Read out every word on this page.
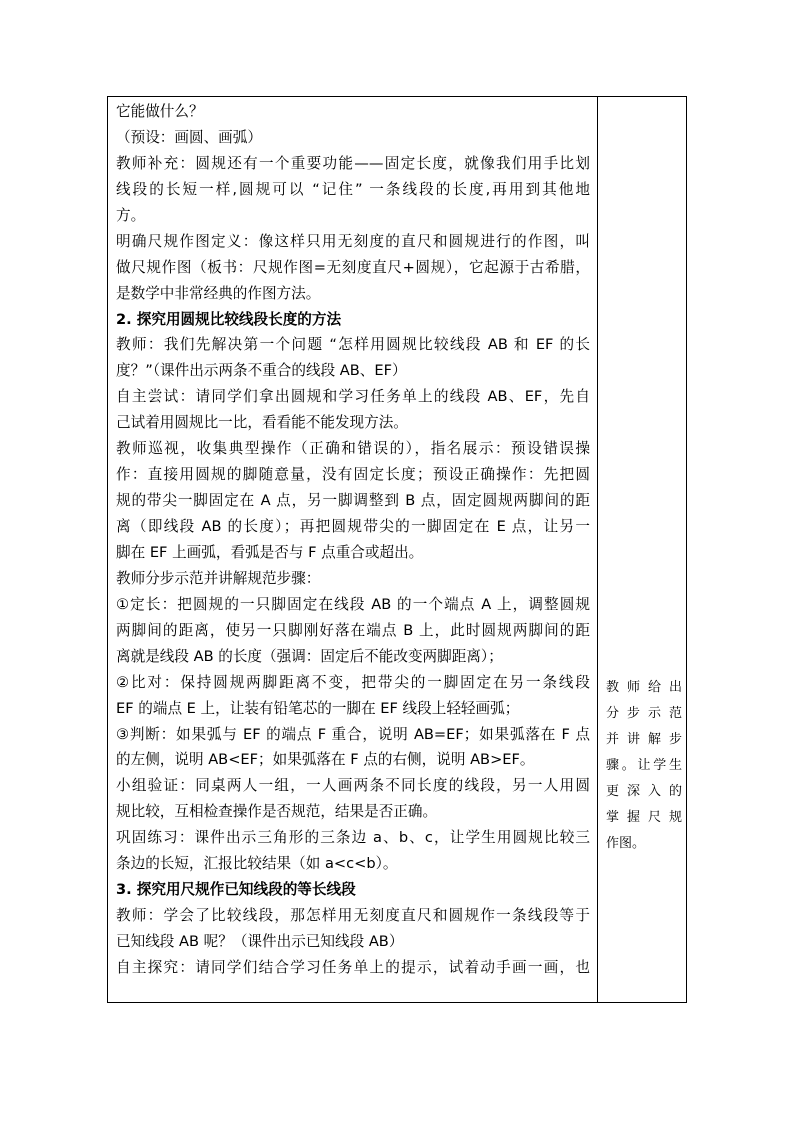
它能做什么？
（预设：画圆、画弧）
教师补充：圆规还有一个重要功能——固定长度，就像我们用手比划
线段的长短一样,圆规可以 “记住” 一条线段的长度,再用到其他地
方。
明确尺规作图定义：像这样只用无刻度的直尺和圆规进行的作图，叫
做尺规作图（板书：尺规作图=无刻度直尺+圆规），它起源于古希腊，
是数学中非常经典的作图方法。
2. 探究用圆规比较线段长度的方法
教师：我们先解决第一个问题 “怎样用圆规比较线段 AB 和 EF 的长
度？”（课件出示两条不重合的线段 AB、EF）
自主尝试：请同学们拿出圆规和学习任务单上的线段 AB、EF，先自
己试着用圆规比一比，看看能不能发现方法。
教师巡视，收集典型操作（正确和错误的），指名展示：预设错误操
作：直接用圆规的脚随意量，没有固定长度；预设正确操作：先把圆
规的带尖一脚固定在 A 点，另一脚调整到 B 点，固定圆规两脚间的距
离（即线段 AB 的长度）；再把圆规带尖的一脚固定在 E 点，让另一
脚在 EF 上画弧，看弧是否与 F 点重合或超出。
教师分步示范并讲解规范步骤：
①定长：把圆规的一只脚固定在线段 AB 的一个端点 A 上，调整圆规
两脚间的距离，使另一只脚刚好落在端点 B 上，此时圆规两脚间的距
离就是线段 AB 的长度（强调：固定后不能改变两脚距离）；
②比对：保持圆规两脚距离不变，把带尖的一脚固定在另一条线段
EF 的端点 E 上，让装有铅笔芯的一脚在 EF 线段上轻轻画弧；
③判断：如果弧与 EF 的端点 F 重合，说明 AB=EF；如果弧落在 F 点
的左侧，说明 AB<EF；如果弧落在 F 点的右侧，说明 AB>EF。
小组验证：同桌两人一组，一人画两条不同长度的线段，另一人用圆
规比较，互相检查操作是否规范，结果是否正确。
巩固练习：课件出示三角形的三条边 a、b、c，让学生用圆规比较三
条边的长短，汇报比较结果（如 a<c<b）。
3. 探究用尺规作已知线段的等长线段
教师：学会了比较线段，那怎样用无刻度直尺和圆规作一条线段等于
已知线段 AB 呢？（课件出示已知线段 AB）
自主探究：请同学们结合学习任务单上的提示，试着动手画一画，也
教师给出
分步示范
并讲解步
骤。让学生
更深入的
掌握尺规
作图。
